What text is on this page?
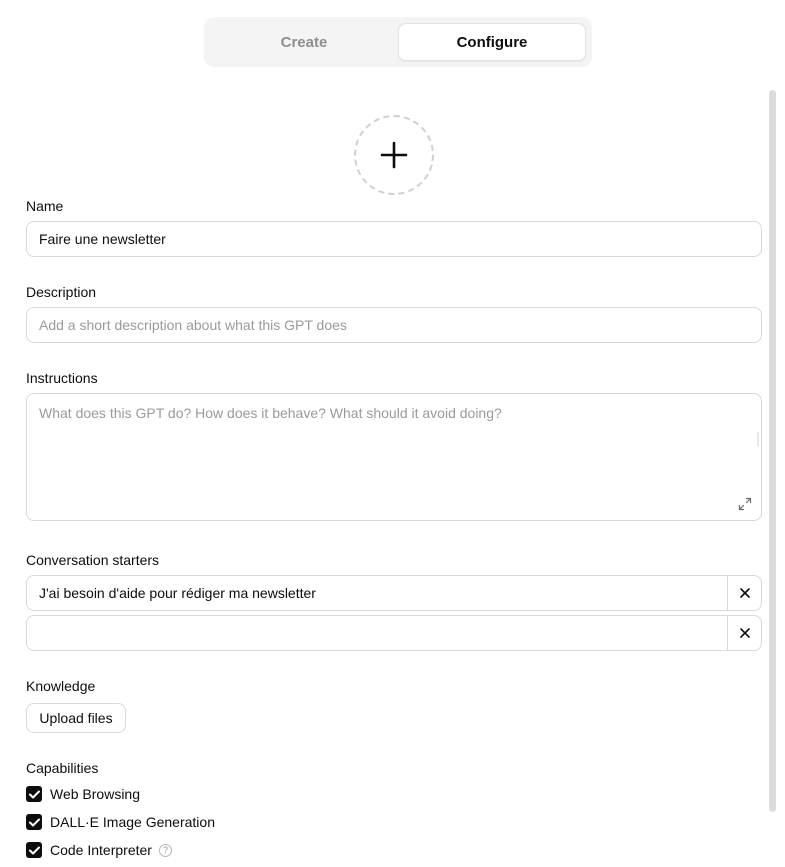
Create	Configure
Name
Faire une newsletter
Description
Add a short description about what this GPT does
Instructions
What does this GPT do? How does it behave? What should it avoid doing?
Conversation starters
J'ai besoin d'aide pour rédiger ma newsletter
Knowledge
Upload files
Capabilities
Web Browsing
DALL·E Image Generation
Code Interpreter	?
